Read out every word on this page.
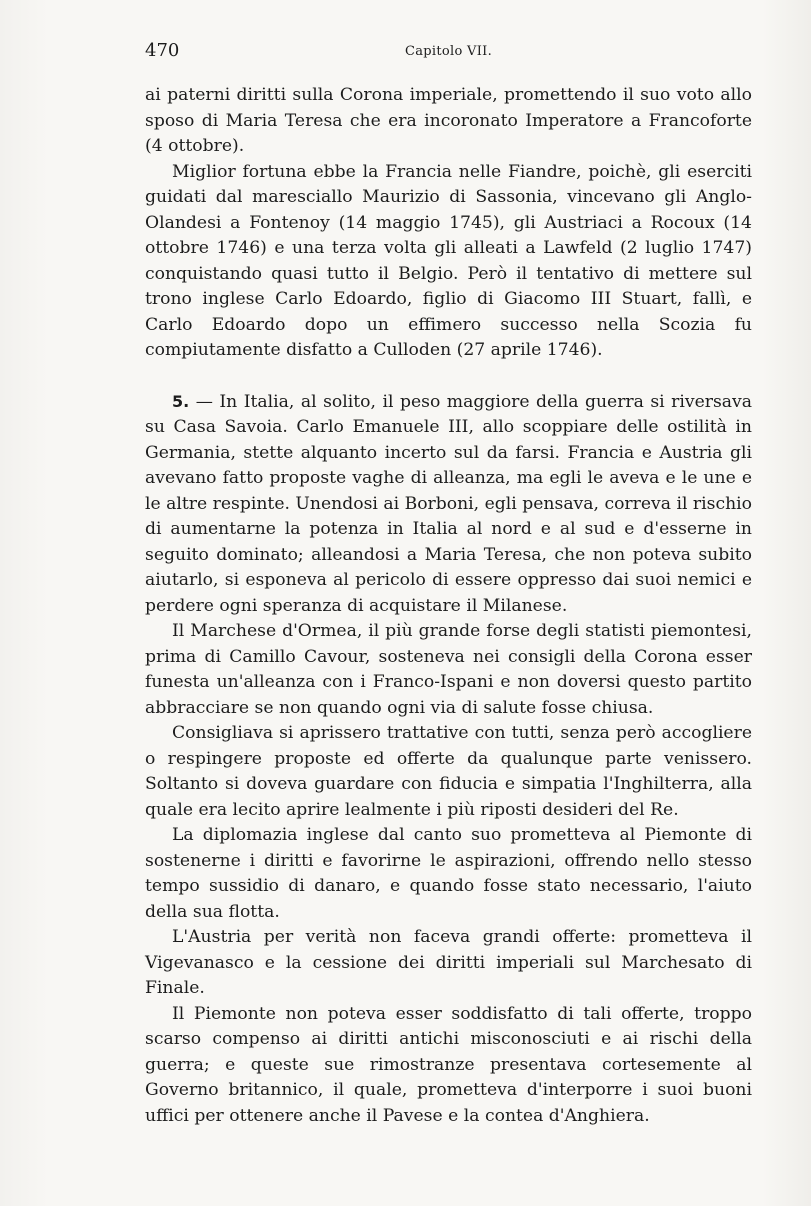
470	Capitolo VII.

ai paterni diritti sulla Corona imperiale, promettendo il suo voto allo sposo di Maria Teresa che era incoronato Imperatore a Francoforte (4 ottobre).

Miglior fortuna ebbe la Francia nelle Fiandre, poichè, gli eserciti guidati dal maresciallo Maurizio di Sassonia, vincevano gli Anglo-Olandesi a Fontenoy (14 maggio 1745), gli Austriaci a Rocoux (14 ottobre 1746) e una terza volta gli alleati a Lawfeld (2 luglio 1747) conquistando quasi tutto il Belgio. Però il tentativo di mettere sul trono inglese Carlo Edoardo, figlio di Giacomo III Stuart, fallì, e Carlo Edoardo dopo un effimero successo nella Scozia fu compiutamente disfatto a Culloden (27 aprile 1746).

5. — In Italia, al solito, il peso maggiore della guerra si riversava su Casa Savoia. Carlo Emanuele III, allo scoppiare delle ostilità in Germania, stette alquanto incerto sul da farsi. Francia e Austria gli avevano fatto proposte vaghe di alleanza, ma egli le aveva e le une e le altre respinte. Unendosi ai Borboni, egli pensava, correva il rischio di aumentarne la potenza in Italia al nord e al sud e d'esserne in seguito dominato; alleandosi a Maria Teresa, che non poteva subito aiutarlo, si esponeva al pericolo di essere oppresso dai suoi nemici e perdere ogni speranza di acquistare il Milanese.

Il Marchese d'Ormea, il più grande forse degli statisti piemontesi, prima di Camillo Cavour, sosteneva nei consigli della Corona esser funesta un'alleanza con i Franco-Ispani e non doversi questo partito abbracciare se non quando ogni via di salute fosse chiusa.

Consigliava si aprissero trattative con tutti, senza però accogliere o respingere proposte ed offerte da qualunque parte venissero. Soltanto si doveva guardare con fiducia e simpatia l'Inghilterra, alla quale era lecito aprire lealmente i più riposti desideri del Re.

La diplomazia inglese dal canto suo prometteva al Piemonte di sostenerne i diritti e favorirne le aspirazioni, offrendo nello stesso tempo sussidio di danaro, e quando fosse stato necessario, l'aiuto della sua flotta.

L'Austria per verità non faceva grandi offerte: prometteva il Vigevanasco e la cessione dei diritti imperiali sul Marchesato di Finale.

Il Piemonte non poteva esser soddisfatto di tali offerte, troppo scarso compenso ai diritti antichi misconosciuti e ai rischi della guerra; e queste sue rimostranze presentava cortesemente al Governo britannico, il quale, prometteva d'interporre i suoi buoni uffici per ottenere anche il Pavese e la contea d'Anghiera.
